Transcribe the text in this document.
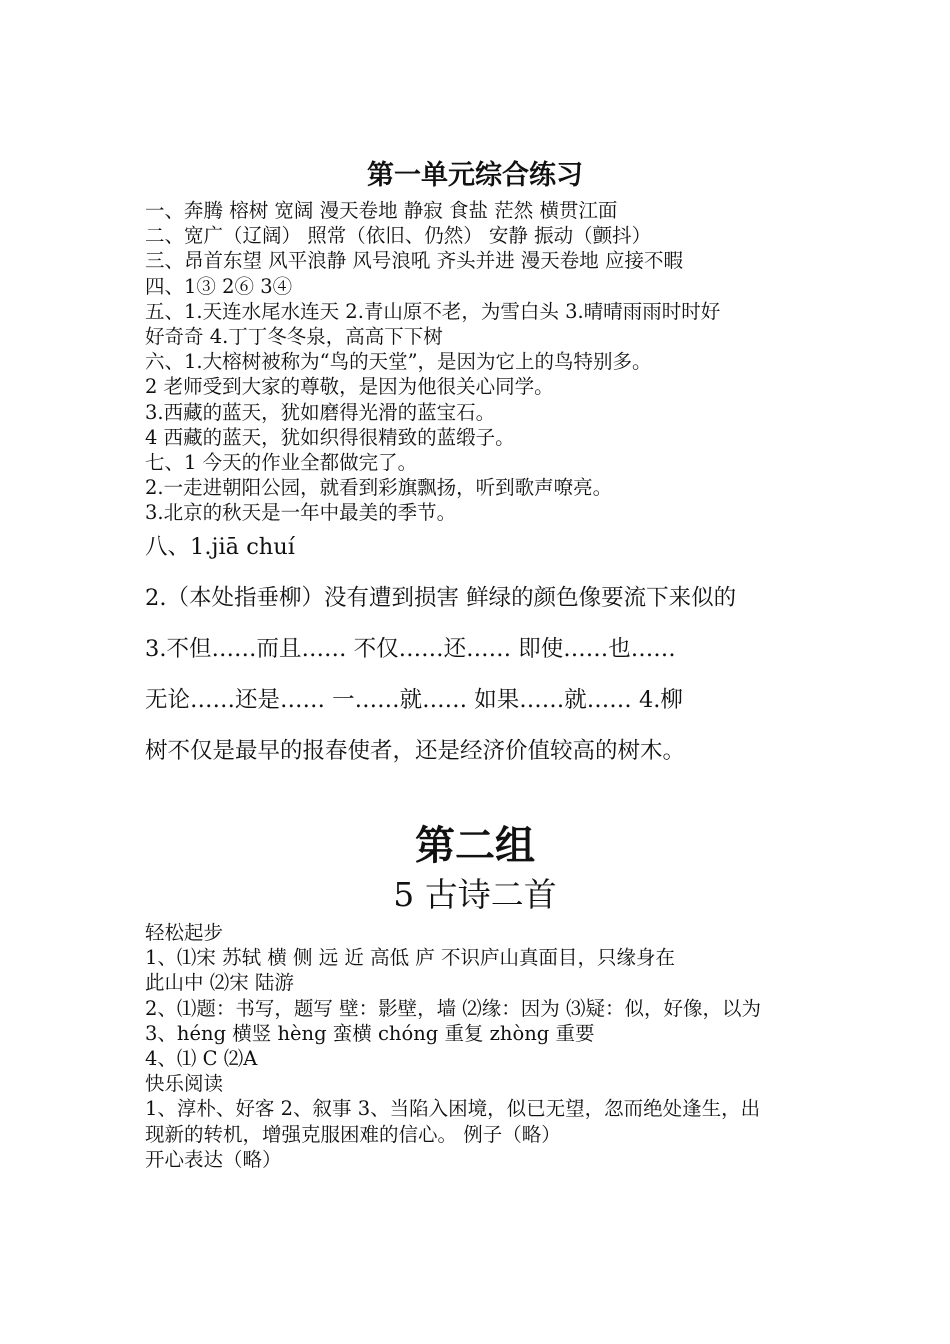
第一单元综合练习
一、奔腾 榕树 宽阔 漫天卷地 静寂 食盐 茫然 横贯江面
二、宽广（辽阔） 照常（依旧、仍然） 安静 振动（颤抖）
三、昂首东望 风平浪静 风号浪吼 齐头并进 漫天卷地 应接不暇
四、1③ 2⑥ 3④
五、1.天连水尾水连天 2.青山原不老，为雪白头 3.晴晴雨雨时时好
好奇奇 4.丁丁冬冬泉，高高下下树
六、1.大榕树被称为“鸟的天堂”，是因为它上的鸟特别多。
2 老师受到大家的尊敬，是因为他很关心同学。
3.西藏的蓝天，犹如磨得光滑的蓝宝石。
4 西藏的蓝天，犹如织得很精致的蓝缎子。
七、1 今天的作业全都做完了。
2.一走进朝阳公园，就看到彩旗飘扬，听到歌声嘹亮。
3.北京的秋天是一年中最美的季节。
八、1.jiā chuí
2.（本处指垂柳）没有遭到损害 鲜绿的颜色像要流下来似的
3.不但……而且…… 不仅……还…… 即使……也……
无论……还是…… 一……就…… 如果……就…… 4.柳
树不仅是最早的报春使者，还是经济价值较高的树木。
第二组
5 古诗二首
轻松起步
1、⑴宋 苏轼 横 侧 远 近 高低 庐 不识庐山真面目，只缘身在
此山中 ⑵宋 陆游
2、⑴题：书写，题写 壁：影壁，墙 ⑵缘：因为 ⑶疑：似，好像，以为
3、héng 横竖 hèng 蛮横 chóng 重复 zhòng 重要
4、⑴ C ⑵A
快乐阅读
1、淳朴、好客 2、叙事 3、当陷入困境，似已无望，忽而绝处逢生，出
现新的转机，增强克服困难的信心。 例子（略）
开心表达（略）
